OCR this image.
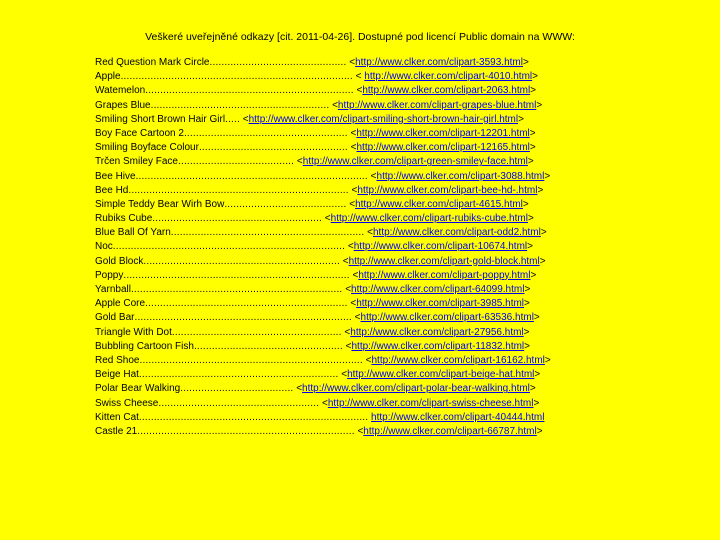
Veškeré uveřejněné odkazy [cit. 2011-04-26]. Dostupné pod licencí Public domain na WWW:
Red Question Mark Circle.............................................. <http://www.clker.com/clipart-3593.html>
Apple.............................................................................. < http://www.clker.com/clipart-4010.html>
Watemelon...................................................................... <http://www.clker.com/clipart-2063.html>
Grapes Blue............................................................ <http://www.clker.com/clipart-grapes-blue.html>
Smiling Short Brown Hair Girl..... <http://www.clker.com/clipart-smiling-short-brown-hair-girl.html>
Boy Face Cartoon 2....................................................... <http://www.clker.com/clipart-12201.html>
Smiling Boyface Colour.................................................. <http://www.clker.com/clipart-12165.html>
Trčen Smiley Face....................................... <http://www.clker.com/clipart-green-smiley-face.html>
Bee Hive.............................................................................. <http://www.clker.com/clipart-3088.html>
Bee Hd.......................................................................... <http://www.clker.com/clipart-bee-hd-.html>
Simple Teddy Bear Wirh Bow......................................... <http://www.clker.com/clipart-4615.html>
Rubiks Cube......................................................... <http://www.clker.com/clipart-rubiks-cube.html>
Blue Ball Of Yarn................................................................. <http://www.clker.com/clipart-odd2.html>
Noc.............................................................................. <http://www.clker.com/clipart-10674.html>
Gold Block.................................................................. <http://www.clker.com/clipart-gold-block.html>
Poppy............................................................................ <http://www.clker.com/clipart-poppy.html>
Yarnball....................................................................... <http://www.clker.com/clipart-64099.html>
Apple Core.................................................................... <http://www.clker.com/clipart-3985.html>
Gold Bar......................................................................... <http://www.clker.com/clipart-63536.html>
Triangle With Dot......................................................... <http://www.clker.com/clipart-27956.html>
Bubbling Cartoon Fish.................................................. <http://www.clker.com/clipart-11832.html>
Red Shoe........................................................................... <http://www.clker.com/clipart-16162.html>
Beige Hat................................................................... <http://www.clker.com/clipart-beige-hat.html>
Polar Bear Walking...................................... <http://www.clker.com/clipart-polar-bear-walking.html>
Swiss Cheese...................................................... <http://www.clker.com/clipart-swiss-cheese.html>
Kitten Cat............................................................................. http://www.clker.com/clipart-40444.html
Castle 21......................................................................... <http://www.clker.com/clipart-66787.html>
